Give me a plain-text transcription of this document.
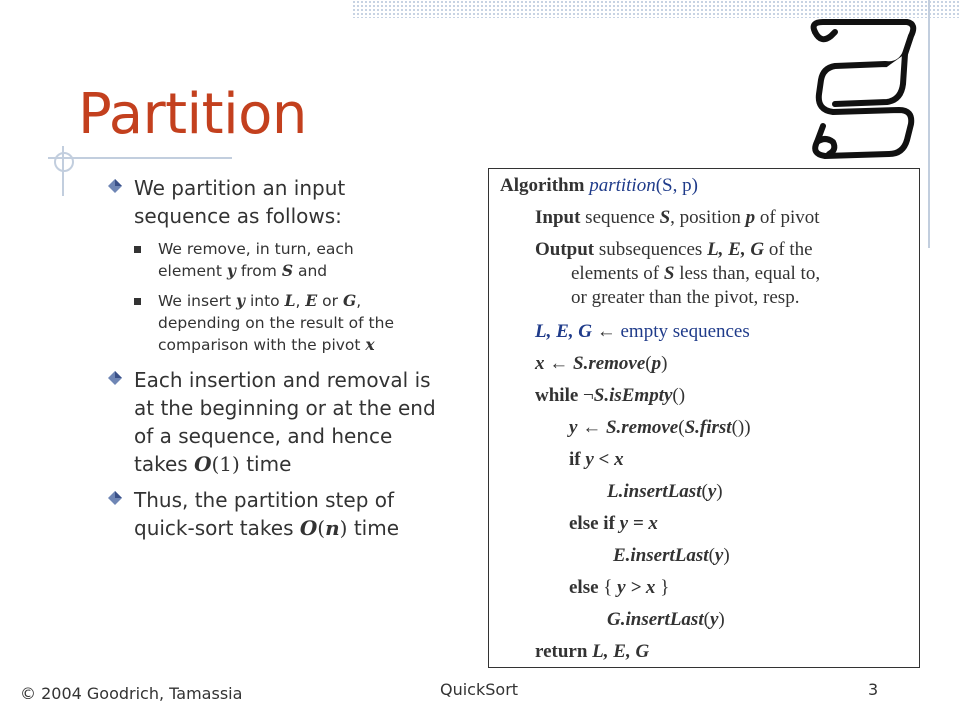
Partition
We partition an input
sequence as follows:
We remove, in turn, each
element y from S and
We insert y into L, E or G,
depending on the result of the
comparison with the pivot x
Each insertion and removal is
at the beginning or at the end
of a sequence, and hence
takes O(1) time
Thus, the partition step of
quick-sort takes O(n) time
Algorithm partition(S, p)
Input sequence S, position p of pivot
Output subsequences L, E, G of the
elements of S less than, equal to,
or greater than the pivot, resp.
L, E, G ← empty sequences
x ← S.remove(p)
while ¬S.isEmpty()
y ← S.remove(S.first())
if y < x
L.insertLast(y)
else if y = x
E.insertLast(y)
else { y > x }
G.insertLast(y)
return L, E, G
© 2004 Goodrich, Tamassia	QuickSort	3
